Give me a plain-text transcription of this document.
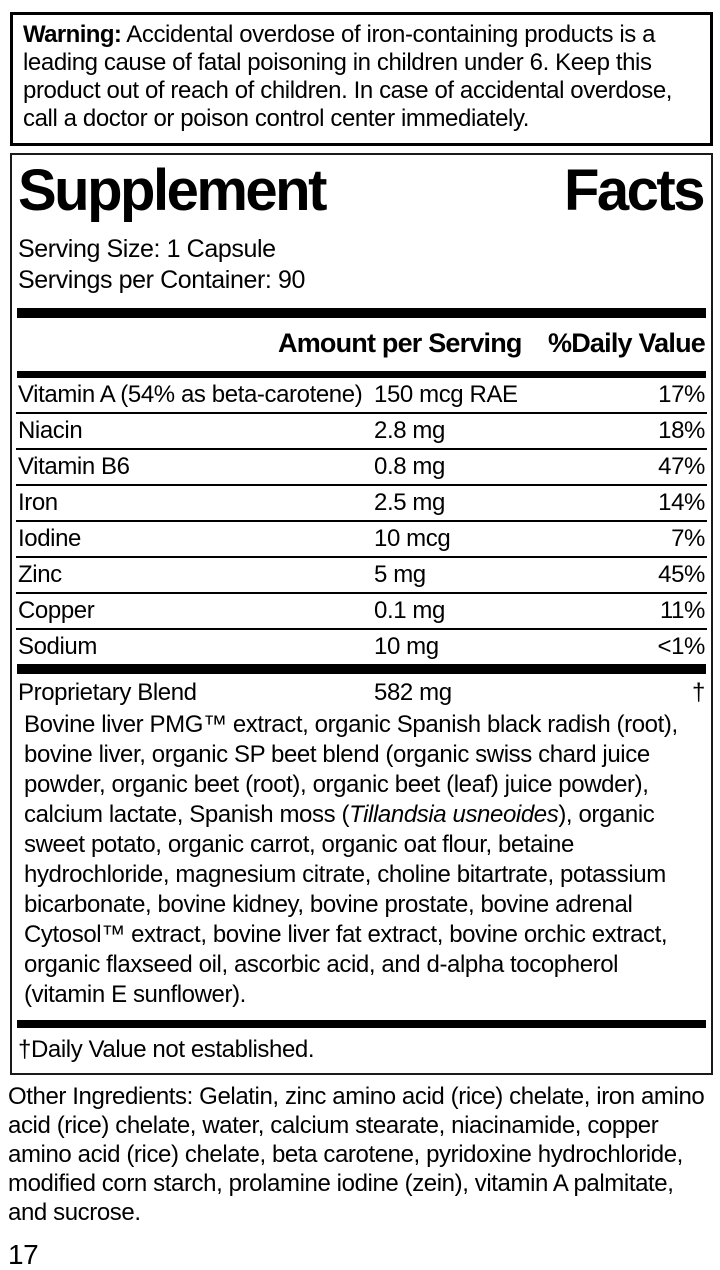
Warning: Accidental overdose of iron-containing products is a leading cause of fatal poisoning in children under 6. Keep this product out of reach of children. In case of accidental overdose, call a doctor or poison control center immediately.
Supplement Facts
Serving Size: 1 Capsule
Servings per Container: 90
Amount per Serving %Daily Value
Vitamin A (54% as beta-carotene) 150 mcg RAE	17%
Niacin	2.8 mg	18%
Vitamin B6	0.8 mg	47%
Iron	2.5 mg	14%
Iodine	10 mcg	7%
Zinc	5 mg	45%
Copper	0.1 mg	11%
Sodium	10 mg	<1%
Proprietary Blend	582 mg	†
Bovine liver PMG™ extract, organic Spanish black radish (root), bovine liver, organic SP beet blend (organic swiss chard juice powder, organic beet (root), organic beet (leaf) juice powder), calcium lactate, Spanish moss (Tillandsia usneoides), organic sweet potato, organic carrot, organic oat flour, betaine hydrochloride, magnesium citrate, choline bitartrate, potassium bicarbonate, bovine kidney, bovine prostate, bovine adrenal Cytosol™ extract, bovine liver fat extract, bovine orchic extract, organic flaxseed oil, ascorbic acid, and d-alpha tocopherol (vitamin E sunflower).
†Daily Value not established.
Other Ingredients: Gelatin, zinc amino acid (rice) chelate, iron amino acid (rice) chelate, water, calcium stearate, niacinamide, copper amino acid (rice) chelate, beta carotene, pyridoxine hydrochloride, modified corn starch, prolamine iodine (zein), vitamin A palmitate, and sucrose.
17
